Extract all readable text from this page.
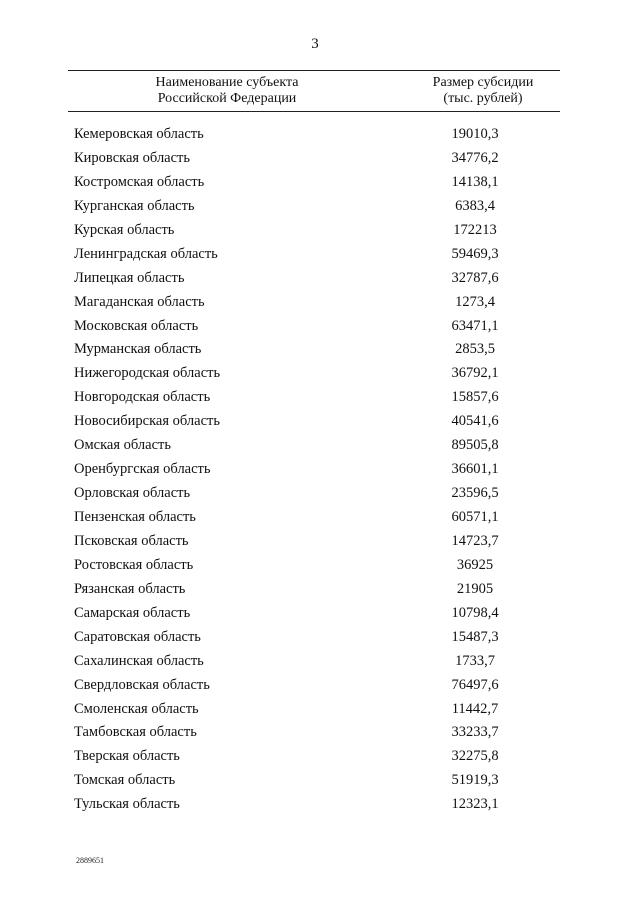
3
Наименование субъекта
Российской Федерации
Размер субсидии
(тыс. рублей)
Кемеровская область	19010,3
Кировская область	34776,2
Костромская область	14138,1
Курганская область	6383,4
Курская область	172213
Ленинградская область	59469,3
Липецкая область	32787,6
Магаданская область	1273,4
Московская область	63471,1
Мурманская область	2853,5
Нижегородская область	36792,1
Новгородская область	15857,6
Новосибирская область	40541,6
Омская область	89505,8
Оренбургская область	36601,1
Орловская область	23596,5
Пензенская область	60571,1
Псковская область	14723,7
Ростовская область	36925
Рязанская область	21905
Самарская область	10798,4
Саратовская область	15487,3
Сахалинская область	1733,7
Свердловская область	76497,6
Смоленская область	11442,7
Тамбовская область	33233,7
Тверская область	32275,8
Томская область	51919,3
Тульская область	12323,1
2889651
